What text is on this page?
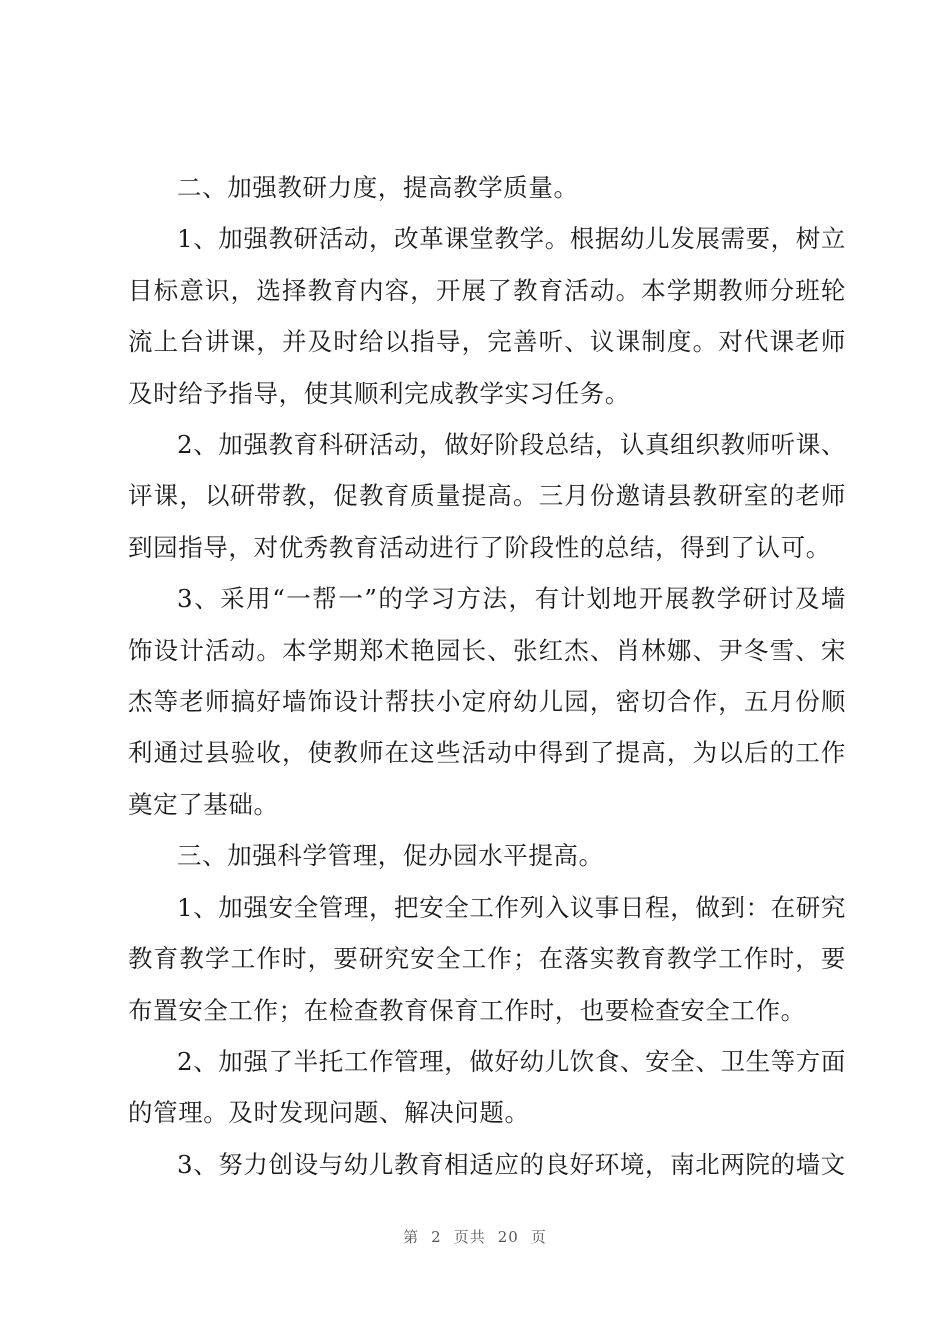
二、加强教研力度，提高教学质量。

1、加强教研活动，改革课堂教学。根据幼儿发展需要，树立目标意识，选择教育内容，开展了教育活动。本学期教师分班轮流上台讲课，并及时给以指导，完善听、议课制度。对代课老师及时给予指导，使其顺利完成教学实习任务。

2、加强教育科研活动，做好阶段总结，认真组织教师听课、评课，以研带教，促教育质量提高。三月份邀请县教研室的老师到园指导，对优秀教育活动进行了阶段性的总结，得到了认可。

3、采用“一帮一”的学习方法，有计划地开展教学研讨及墙饰设计活动。本学期郑术艳园长、张红杰、肖林娜、尹冬雪、宋杰等老师搞好墙饰设计帮扶小定府幼儿园，密切合作，五月份顺利通过县验收，使教师在这些活动中得到了提高，为以后的工作奠定了基础。

三、加强科学管理，促办园水平提高。

1、加强安全管理，把安全工作列入议事日程，做到：在研究教育教学工作时，要研究安全工作；在落实教育教学工作时，要布置安全工作；在检查教育保育工作时，也要检查安全工作。

2、加强了半托工作管理，做好幼儿饮食、安全、卫生等方面的管理。及时发现问题、解决问题。

3、努力创设与幼儿教育相适应的良好环境，南北两院的墙文

第 2 页共 20 页
